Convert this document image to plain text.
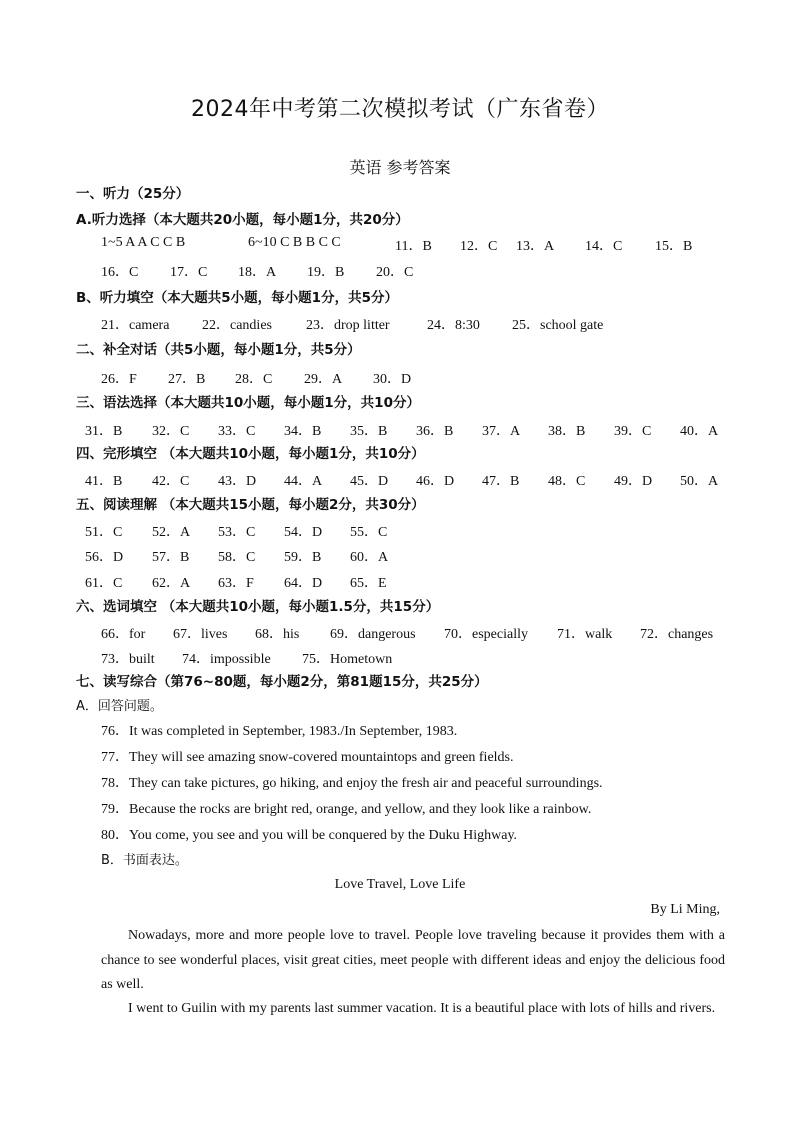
2024年中考第二次模拟考试（广东省卷）
英语 参考答案
一、听力（25分）
A.听力选择（本大题共20小题，每小题1分，共20分）
1~5 A A C C B	6~10 C B B C C	11．B 12．C 13．A 14．C 15．B
16．C 17．C 18．A 19．B 20．C
B、听力填空（本大题共5小题，每小题1分，共5分）
21．camera 22．candies 23．drop litter	24．8:30 25．school gate
二、补全对话（共5小题，每小题1分，共5分）
26．F 27．B 28．C 29．A 30．D
三、语法选择（本大题共10小题，每小题1分，共10分）
31．B 32．C 33．C 34．B 35．B 36．B 37．A 38．B 39．C 40．A
四、完形填空 （本大题共10小题，每小题1分，共10分）
41．B 42．C 43．D 44．A 45．D 46．D 47．B 48．C 49．D 50．A
五、阅读理解 （本大题共15小题，每小题2分，共30分）
51．C 52．A 53．C 54．D 55．C
56．D 57．B 58．C 59．B 60．A
61．C 62．A 63．F 64．D 65．E
六、选词填空 （本大题共10小题，每小题1.5分，共15分）
66．for 67．lives 68．his 69．dangerous 70．especially 71．walk 72．changes
73．built 74．impossible 75．Hometown
七、读写综合（第76~80题，每小题2分，第81题15分，共25分）
A．回答问题。
76．It was completed in September, 1983./In September, 1983.
77．They will see amazing snow-covered mountaintops and green fields.
78．They can take pictures, go hiking, and enjoy the fresh air and peaceful surroundings.
79．Because the rocks are bright red, orange, and yellow, and they look like a rainbow.
80．You come, you see and you will be conquered by the Duku Highway.
B．书面表达。
Love Travel, Love Life
By Li Ming,

Nowadays, more and more people love to travel. People love traveling because it provides them with a chance to see wonderful places, visit great cities, meet people with different ideas and enjoy the delicious food as well.

I went to Guilin with my parents last summer vacation. It is a beautiful place with lots of hills and rivers.
